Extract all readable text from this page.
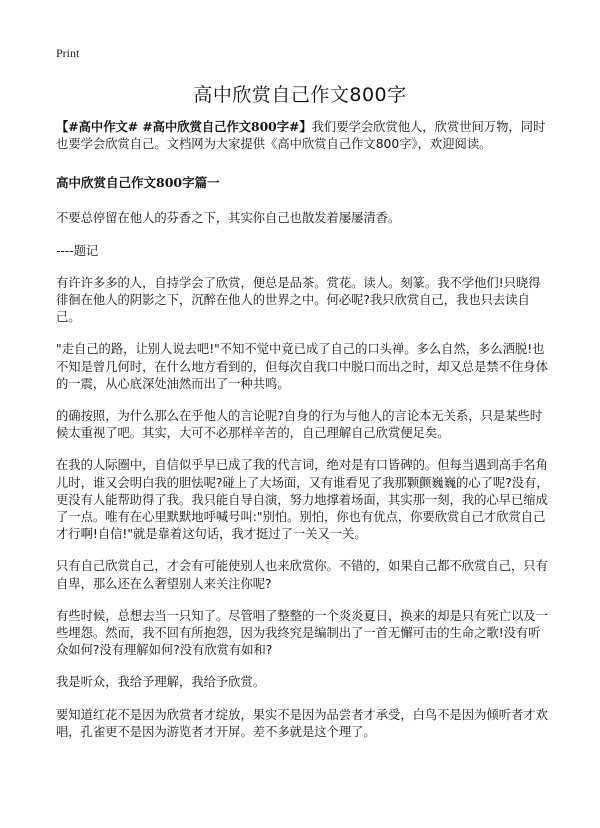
Print
高中欣赏自己作文800字

【#高中作文# #高中欣赏自己作文800字#】我们要学会欣赏他人，欣赏世间万物，同时也要学会欣赏自己。文档网为大家提供《高中欣赏自己作文800字》，欢迎阅读。

高中欣赏自己作文800字篇一

不要总停留在他人的芬香之下，其实你自己也散发着屡屡清香。

----题记

有许许多多的人，自持学会了欣赏，便总是品茶。赏花。读人。刻篆。我不学他们!只晓得徘徊在他人的阴影之下，沉醉在他人的世界之中。何必呢?我只欣赏自己，我也只去读自己。

"走自己的路，让别人说去吧!"不知不觉中竟已成了自己的口头禅。多么自然，多么洒脱!也不知是曾几何时，在什么地方看到的，但每次自我口中脱口而出之时，却又总是禁不住身体的一震，从心底深处油然而出了一种共鸣。

的确按照，为什么那么在乎他人的言论呢?自身的行为与他人的言论本无关系，只是某些时候太重视了吧。其实，大可不必那样辛苦的，自己理解自己欣赏便足矣。

在我的人际圈中，自信似乎早已成了我的代言词，绝对是有口皆碑的。但每当遇到高手名角儿时，谁又会明白我的胆怯呢?碰上了大场面，又有谁看见了我那颗颤巍巍的心了呢?没有，更没有人能帮助得了我。我只能自导自演，努力地撑着场面，其实那一刻，我的心早已缩成了一点。唯有在心里默默地呼喊号叫:"别怕。别怕，你也有优点，你要欣赏自己才欣赏自己才行啊!自信!"就是靠着这句话，我才挺过了一关又一关。

只有自己欣赏自己，才会有可能使别人也来欣赏你。不错的，如果自己都不欣赏自己，只有自卑，那么还在么奢望别人来关注你呢?

有些时候，总想去当一只知了。尽管唱了整整的一个炎炎夏日，换来的却是只有死亡以及一些埋怨。然而，我不回有所抱怨，因为我终究是编制出了一首无懈可击的生命之歌!没有听众如何?没有理解如何?没有欣赏有如和?

我是听众，我给予理解，我给予欣赏。

要知道红花不是因为欣赏者才绽放，果实不是因为品尝者才承受，白鸟不是因为倾听者才欢唱，孔雀更不是因为游览者才开屏。差不多就是这个理了。
